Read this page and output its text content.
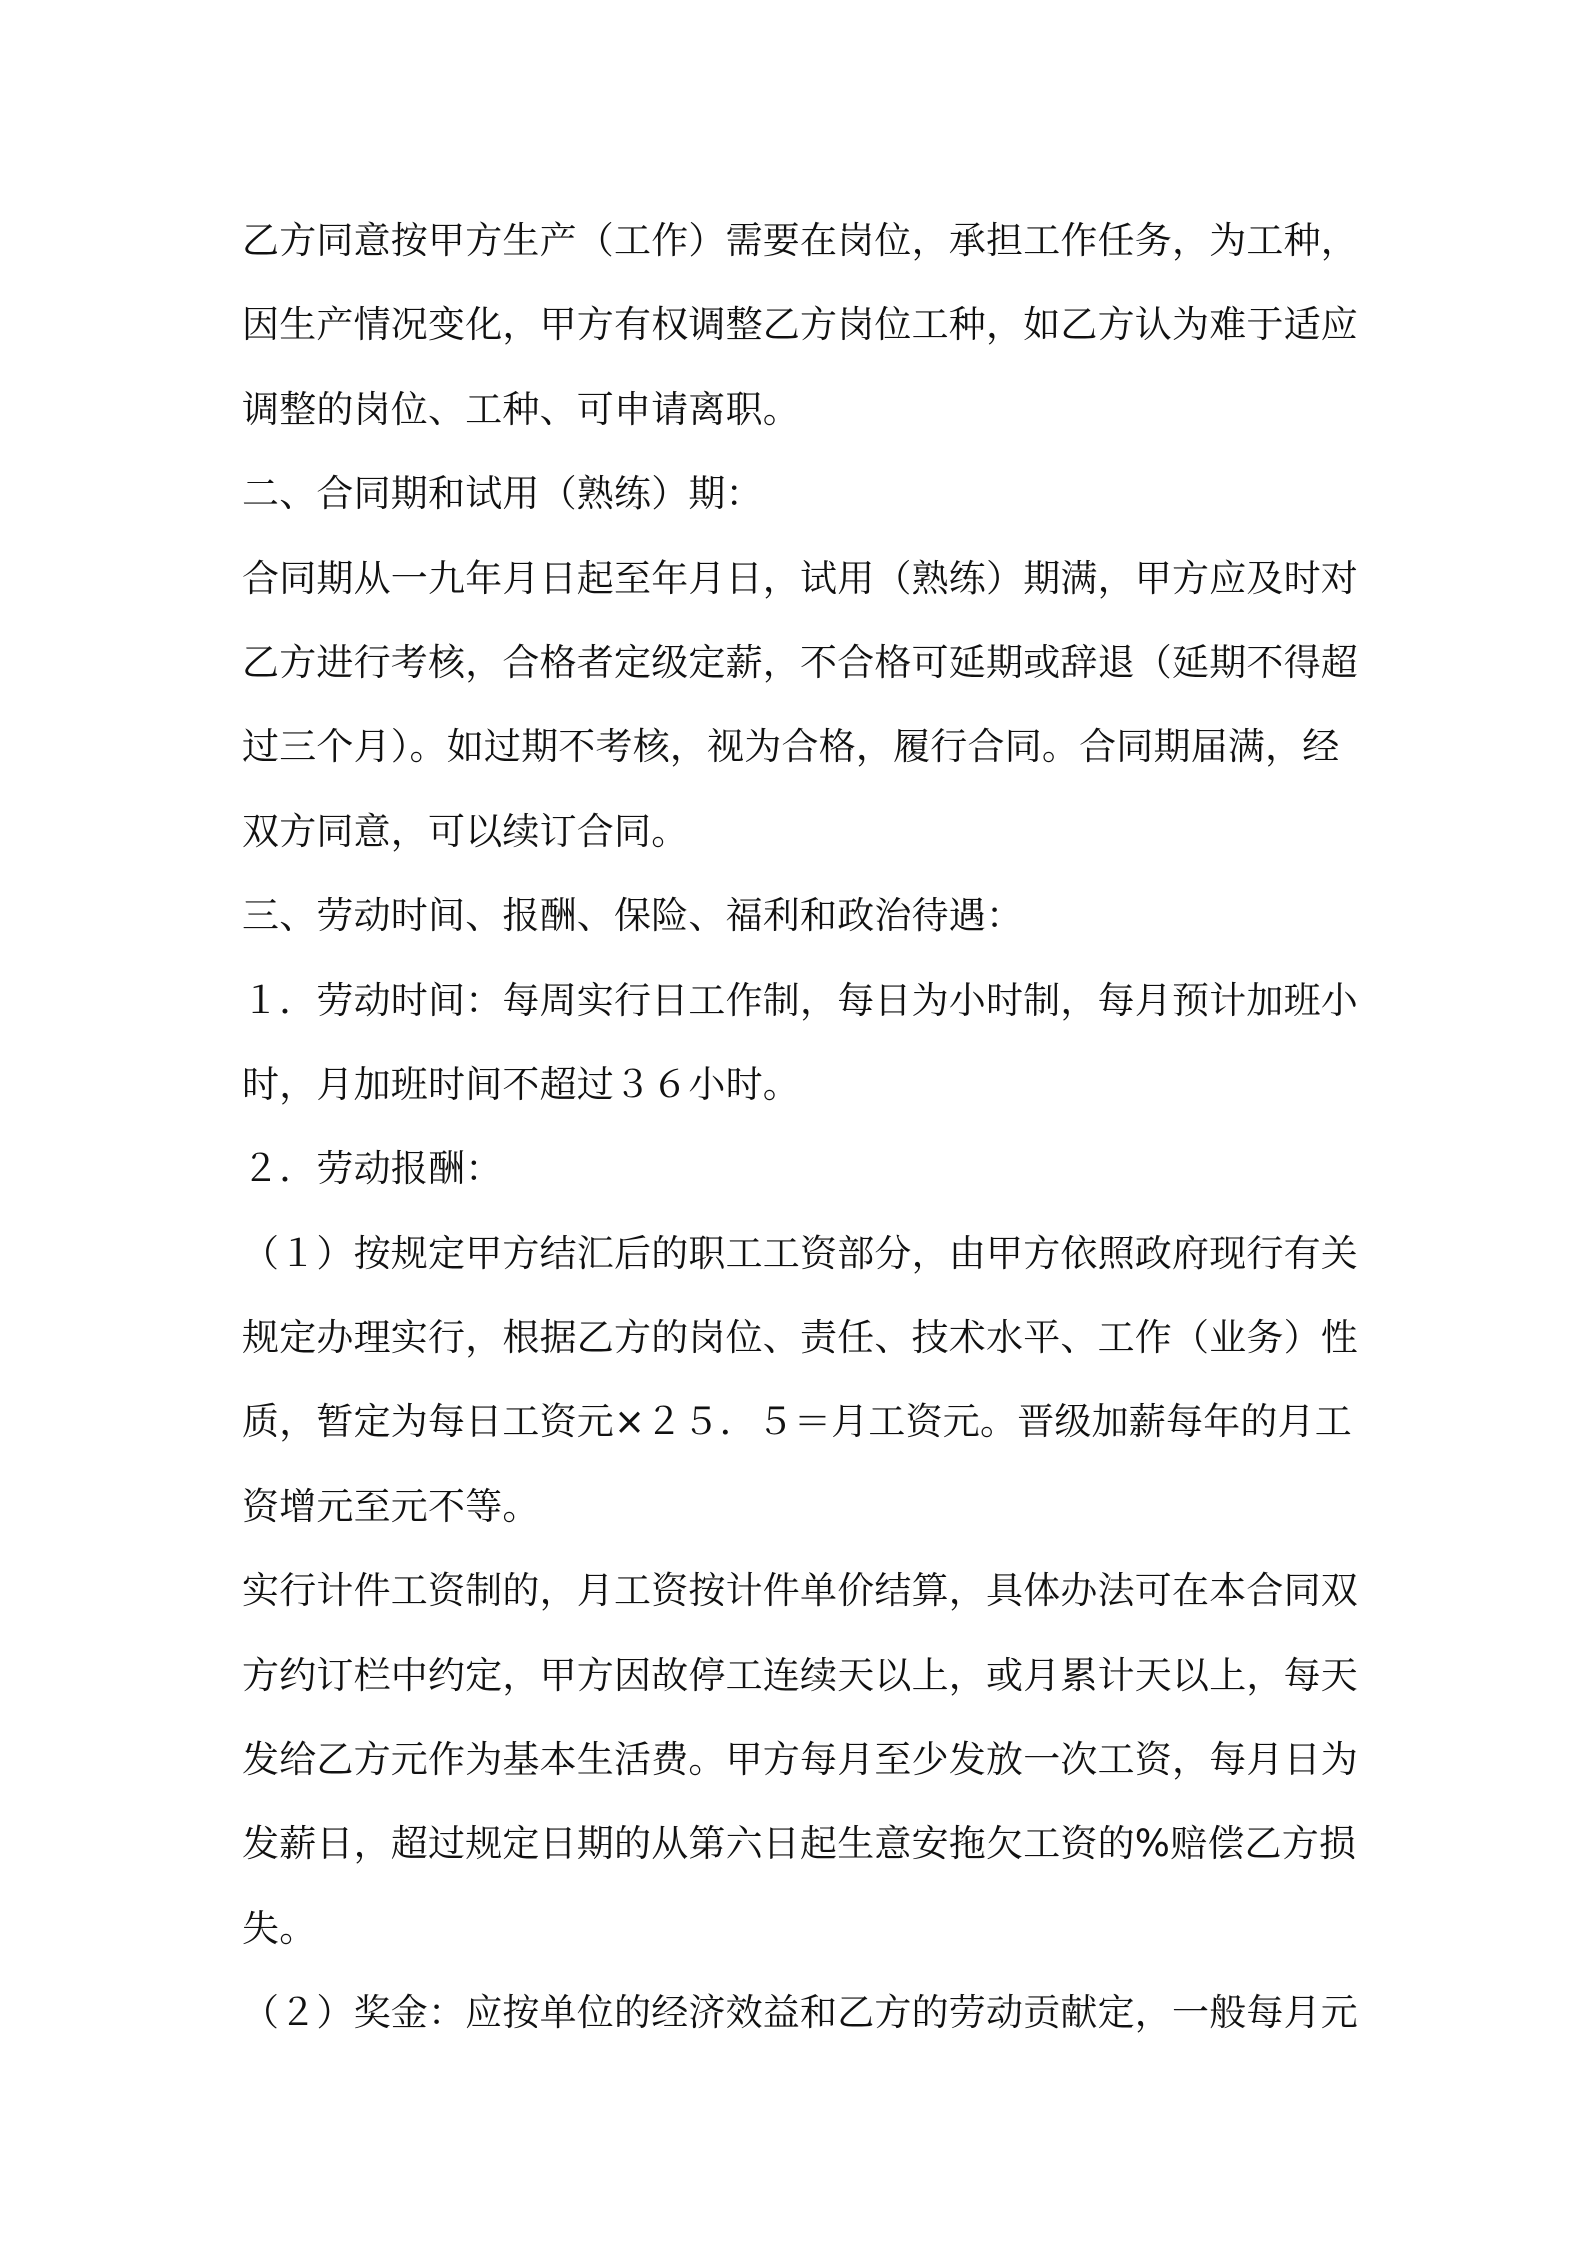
乙方同意按甲方生产（工作）需要在岗位，承担工作任务，为工种，
因生产情况变化，甲方有权调整乙方岗位工种，如乙方认为难于适应
调整的岗位、工种、可申请离职。
二、合同期和试用（熟练）期：
合同期从一九年月日起至年月日，试用（熟练）期满，甲方应及时对
乙方进行考核，合格者定级定薪，不合格可延期或辞退（延期不得超
过三个月）。如过期不考核，视为合格，履行合同。合同期届满，经
双方同意，可以续订合同。
三、劳动时间、报酬、保险、福利和政治待遇：
１．劳动时间：每周实行日工作制，每日为小时制，每月预计加班小
时，月加班时间不超过３６小时。
２．劳动报酬：
（１）按规定甲方结汇后的职工工资部分，由甲方依照政府现行有关
规定办理实行，根据乙方的岗位、责任、技术水平、工作（业务）性
质，暂定为每日工资元×２５．５＝月工资元。晋级加薪每年的月工
资增元至元不等。
实行计件工资制的，月工资按计件单价结算，具体办法可在本合同双
方约订栏中约定，甲方因故停工连续天以上，或月累计天以上，每天
发给乙方元作为基本生活费。甲方每月至少发放一次工资，每月日为
发薪日，超过规定日期的从第六日起生意安拖欠工资的%赔偿乙方损
失。
（２）奖金：应按单位的经济效益和乙方的劳动贡献定，一般每月元
